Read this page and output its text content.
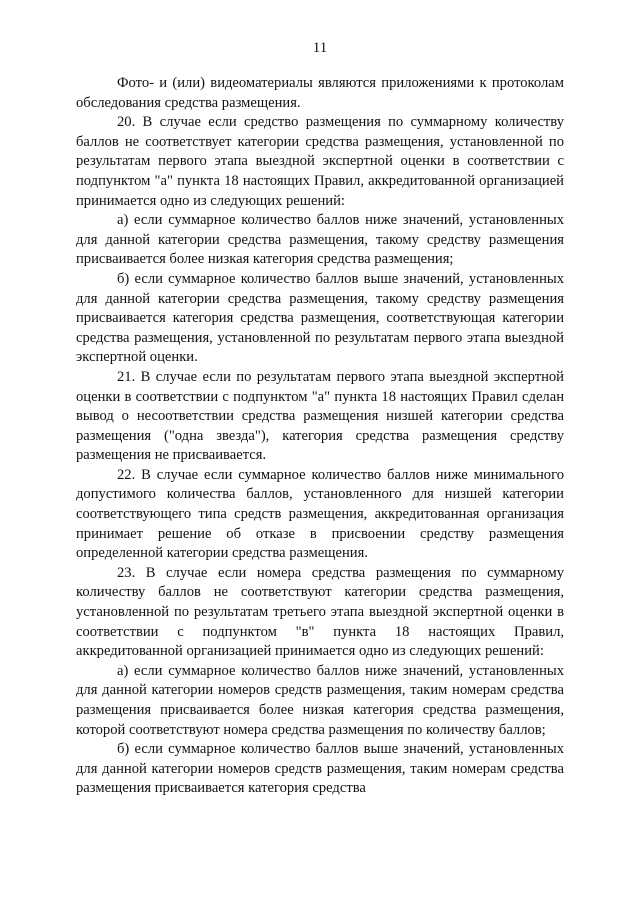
11

Фото- и (или) видеоматериалы являются приложениями к протоколам обследования средства размещения.

20. В случае если средство размещения по суммарному количеству баллов не соответствует категории средства размещения, установленной по результатам первого этапа выездной экспертной оценки в соответствии с подпунктом "а" пункта 18 настоящих Правил, аккредитованной организацией принимается одно из следующих решений:

а) если суммарное количество баллов ниже значений, установленных для данной категории средства размещения, такому средству размещения присваивается более низкая категория средства размещения;

б) если суммарное количество баллов выше значений, установленных для данной категории средства размещения, такому средству размещения присваивается категория средства размещения, соответствующая категории средства размещения, установленной по результатам первого этапа выездной экспертной оценки.

21. В случае если по результатам первого этапа выездной экспертной оценки в соответствии с подпунктом "а" пункта 18 настоящих Правил сделан вывод о несоответствии средства размещения низшей категории средства размещения ("одна звезда"), категория средства размещения средству размещения не присваивается.

22. В случае если суммарное количество баллов ниже минимального допустимого количества баллов, установленного для низшей категории соответствующего типа средств размещения, аккредитованная организация принимает решение об отказе в присвоении средству размещения определенной категории средства размещения.

23. В случае если номера средства размещения по суммарному количеству баллов не соответствуют категории средства размещения, установленной по результатам третьего этапа выездной экспертной оценки в соответствии с подпунктом "в" пункта 18 настоящих Правил, аккредитованной организацией принимается одно из следующих решений:

а) если суммарное количество баллов ниже значений, установленных для данной категории номеров средств размещения, таким номерам средства размещения присваивается более низкая категория средства размещения, которой соответствуют номера средства размещения по количеству баллов;

б) если суммарное количество баллов выше значений, установленных для данной категории номеров средств размещения, таким номерам средства размещения присваивается категория средства
